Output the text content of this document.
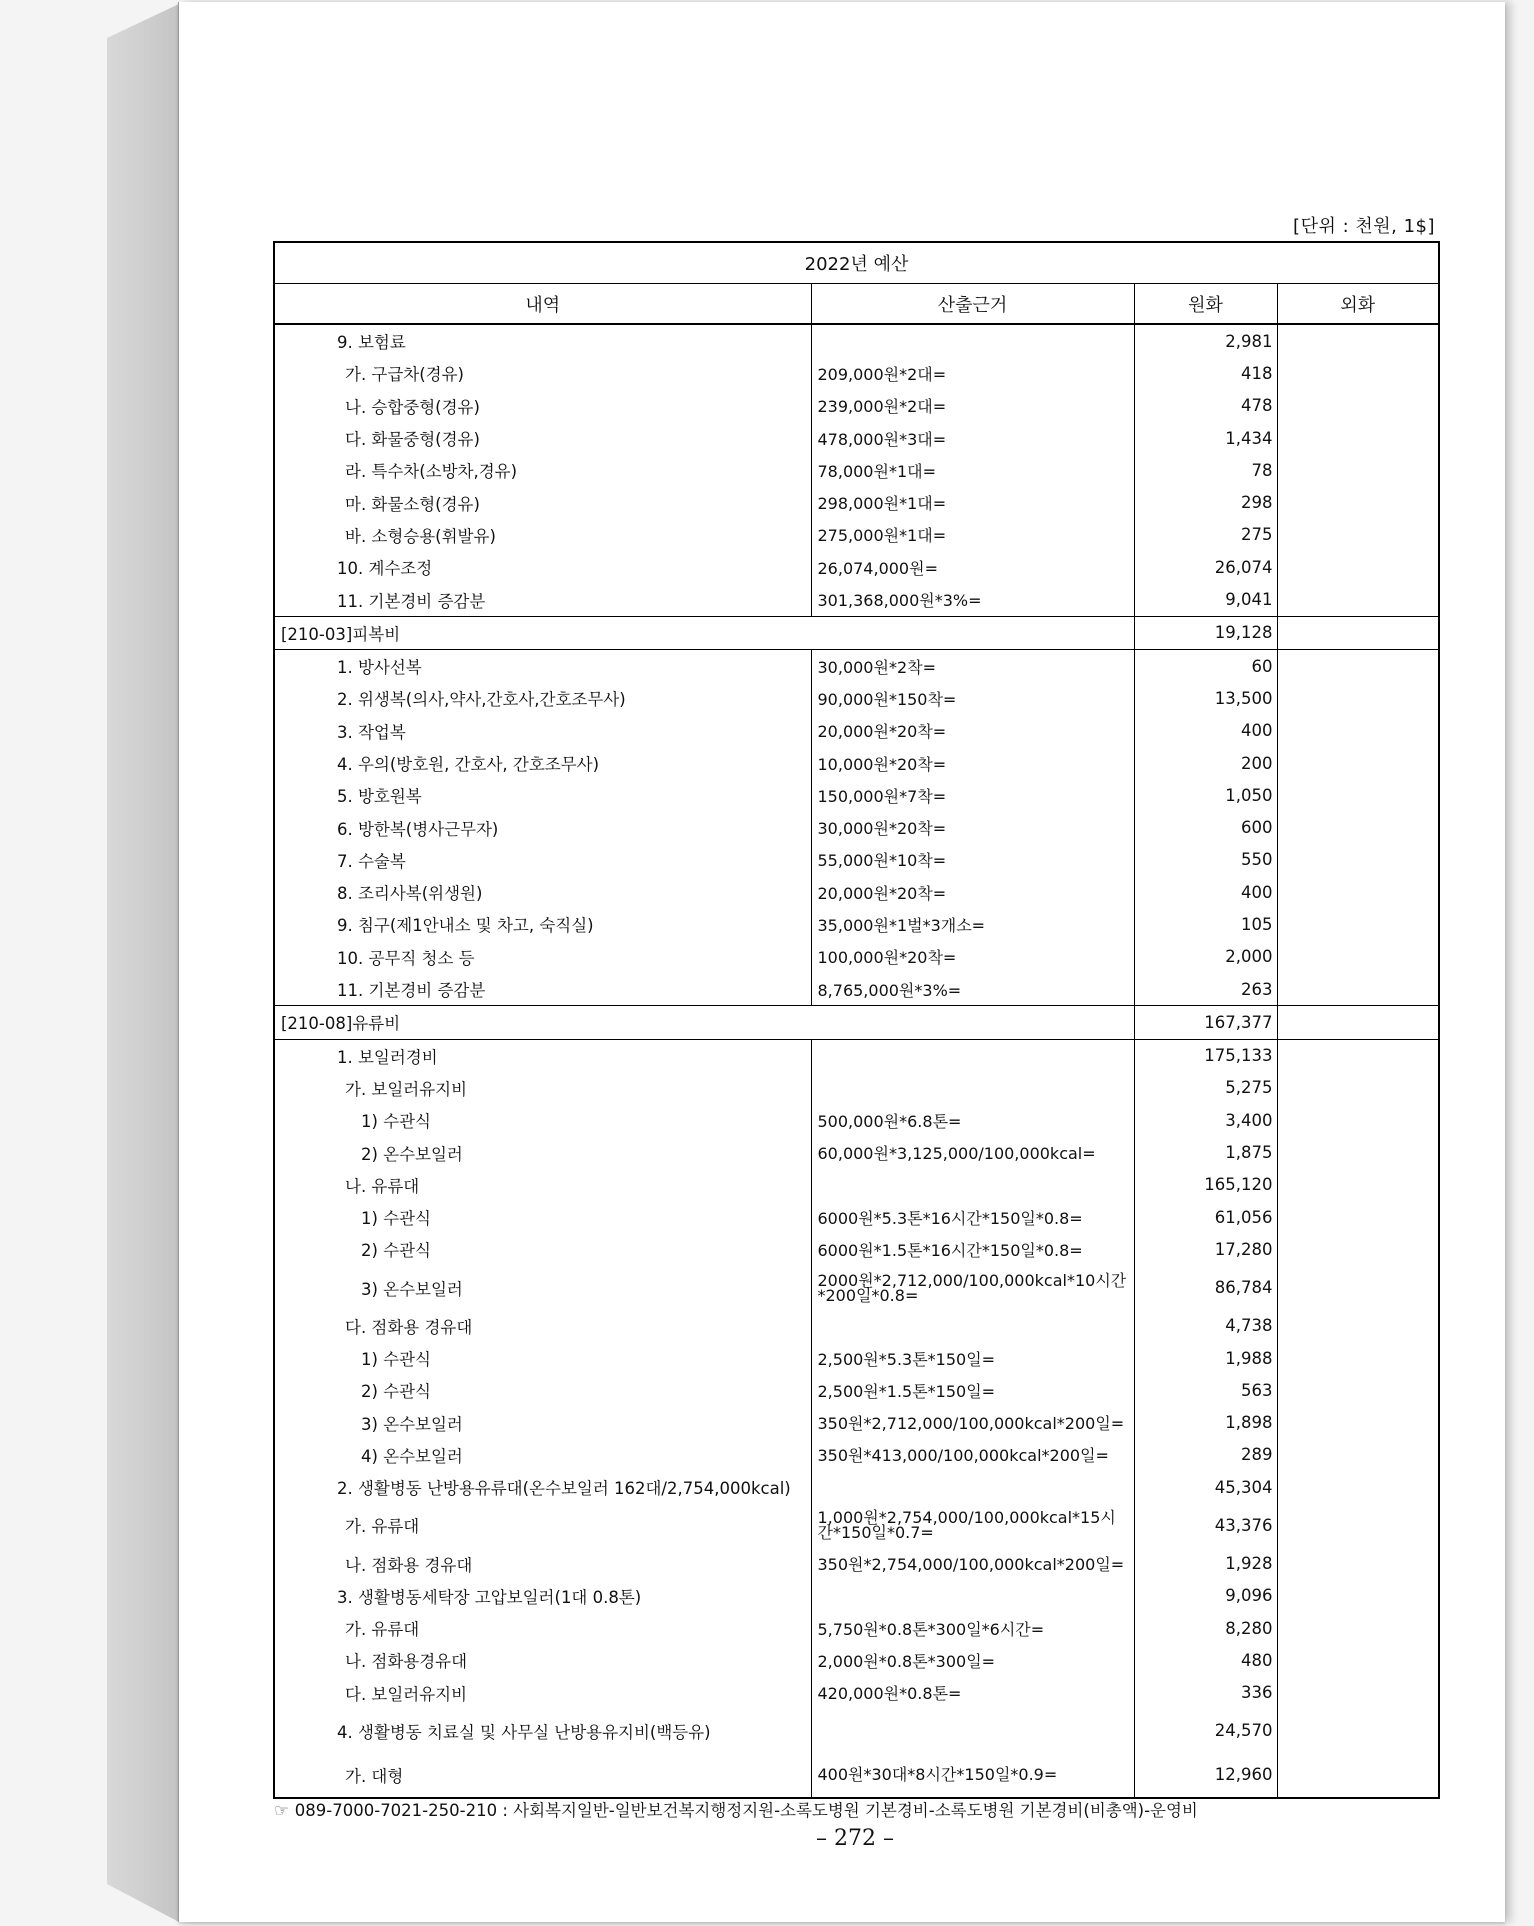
[단위 : 천원, 1$]
2022년 예산			
내역	산출근거	원화	외화
9. 보험료		2,981	
가. 구급차(경유)	209,000원*2대=	418	
나. 승합중형(경유)	239,000원*2대=	478	
다. 화물중형(경유)	478,000원*3대=	1,434	
라. 특수차(소방차,경유)	78,000원*1대=	78	
마. 화물소형(경유)	298,000원*1대=	298	
바. 소형승용(휘발유)	275,000원*1대=	275	
10. 계수조정	26,074,000원=	26,074	
11. 기본경비 증감분	301,368,000원*3%=	9,041	
[210-03]피복비		19,128	
1. 방사선복	30,000원*2착=	60	
2. 위생복(의사,약사,간호사,간호조무사)	90,000원*150착=	13,500	
3. 작업복	20,000원*20착=	400	
4. 우의(방호원, 간호사, 간호조무사)	10,000원*20착=	200	
5. 방호원복	150,000원*7착=	1,050	
6. 방한복(병사근무자)	30,000원*20착=	600	
7. 수술복	55,000원*10착=	550	
8. 조리사복(위생원)	20,000원*20착=	400	
9. 침구(제1안내소 및 차고, 숙직실)	35,000원*1벌*3개소=	105	
10. 공무직 청소 등	100,000원*20착=	2,000	
11. 기본경비 증감분	8,765,000원*3%=	263	
[210-08]유류비		167,377	
1. 보일러경비		175,133	
가. 보일러유지비		5,275	
1) 수관식	500,000원*6.8톤=	3,400	
2) 온수보일러	60,000원*3,125,000/100,000kcal=	1,875	
나. 유류대		165,120	
1) 수관식	6000원*5.3톤*16시간*150일*0.8=	61,056	
2) 수관식	6000원*1.5톤*16시간*150일*0.8=	17,280	
3) 온수보일러	2000원*2,712,000/100,000kcal*10시간*200일*0.8=	86,784	
다. 점화용 경유대		4,738	
1) 수관식	2,500원*5.3톤*150일=	1,988	
2) 수관식	2,500원*1.5톤*150일=	563	
3) 온수보일러	350원*2,712,000/100,000kcal*200일=	1,898	
4) 온수보일러	350원*413,000/100,000kcal*200일=	289	
2. 생활병동 난방용유류대(온수보일러 162대/2,754,000kcal)		45,304	
가. 유류대	1,000원*2,754,000/100,000kcal*15시간*150일*0.7=	43,376	
나. 점화용 경유대	350원*2,754,000/100,000kcal*200일=	1,928	
3. 생활병동세탁장 고압보일러(1대 0.8톤)		9,096	
가. 유류대	5,750원*0.8톤*300일*6시간=	8,280	
나. 점화용경유대	2,000원*0.8톤*300일=	480	
다. 보일러유지비	420,000원*0.8톤=	336	
4. 생활병동 치료실 및 사무실 난방용유지비(백등유)		24,570	
가. 대형	400원*30대*8시간*150일*0.9=	12,960	
☞ 089-7000-7021-250-210 : 사회복지일반-일반보건복지행정지원-소록도병원 기본경비-소록도병원 기본경비(비총액)-운영비
– 272 –
